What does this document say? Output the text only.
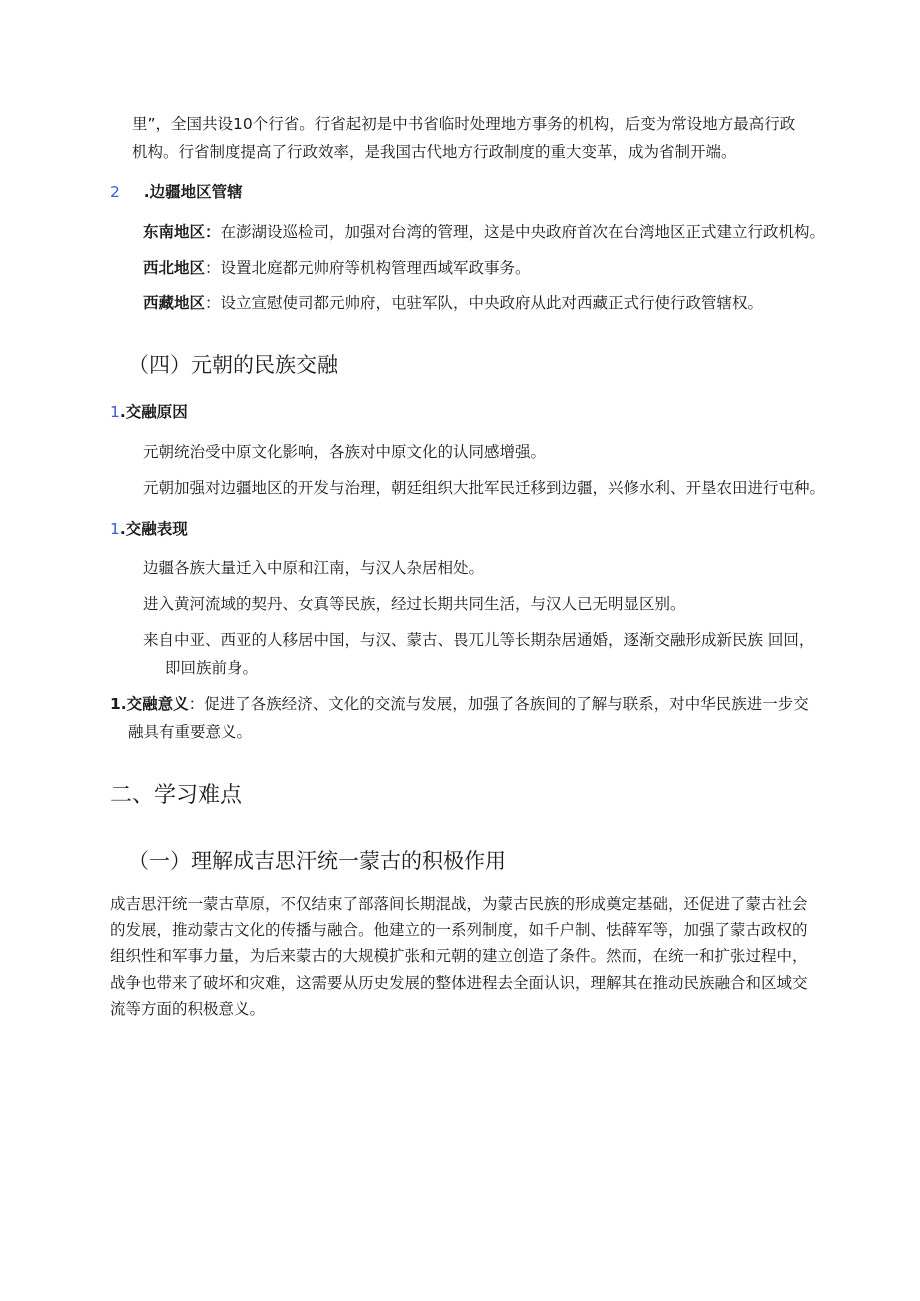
里”，全国共设10个行省。行省起初是中书省临时处理地方事务的机构，后变为常设地方最高行政
机构。行省制度提高了行政效率，是我国古代地方行政制度的重大变革，成为省制开端。
2 .边疆地区管辖
东南地区：在澎湖设巡检司，加强对台湾的管理，这是中央政府首次在台湾地区正式建立行政机构。
西北地区：设置北庭都元帅府等机构管理西域军政事务。
西藏地区：设立宣慰使司都元帅府，屯驻军队，中央政府从此对西藏正式行使行政管辖权。
（四）元朝的民族交融
1.交融原因
元朝统治受中原文化影响，各族对中原文化的认同感增强。
元朝加强对边疆地区的开发与治理，朝廷组织大批军民迁移到边疆，兴修水利、开垦农田进行屯种。
1.交融表现
边疆各族大量迁入中原和江南，与汉人杂居相处。
进入黄河流域的契丹、女真等民族，经过长期共同生活，与汉人已无明显区别。
来自中亚、西亚的人移居中国，与汉、蒙古、畏兀儿等长期杂居通婚，逐渐交融形成新民族 回回，
即回族前身。
1.交融意义：促进了各族经济、文化的交流与发展，加强了各族间的了解与联系，对中华民族进一步交
融具有重要意义。
二、学习难点
（一）理解成吉思汗统一蒙古的积极作用
成吉思汗统一蒙古草原，不仅结束了部落间长期混战，为蒙古民族的形成奠定基础，还促进了蒙古社会
的发展，推动蒙古文化的传播与融合。他建立的一系列制度，如千户制、怯薛军等，加强了蒙古政权的
组织性和军事力量，为后来蒙古的大规模扩张和元朝的建立创造了条件。然而，在统一和扩张过程中，
战争也带来了破坏和灾难，这需要从历史发展的整体进程去全面认识，理解其在推动民族融合和区域交
流等方面的积极意义。
